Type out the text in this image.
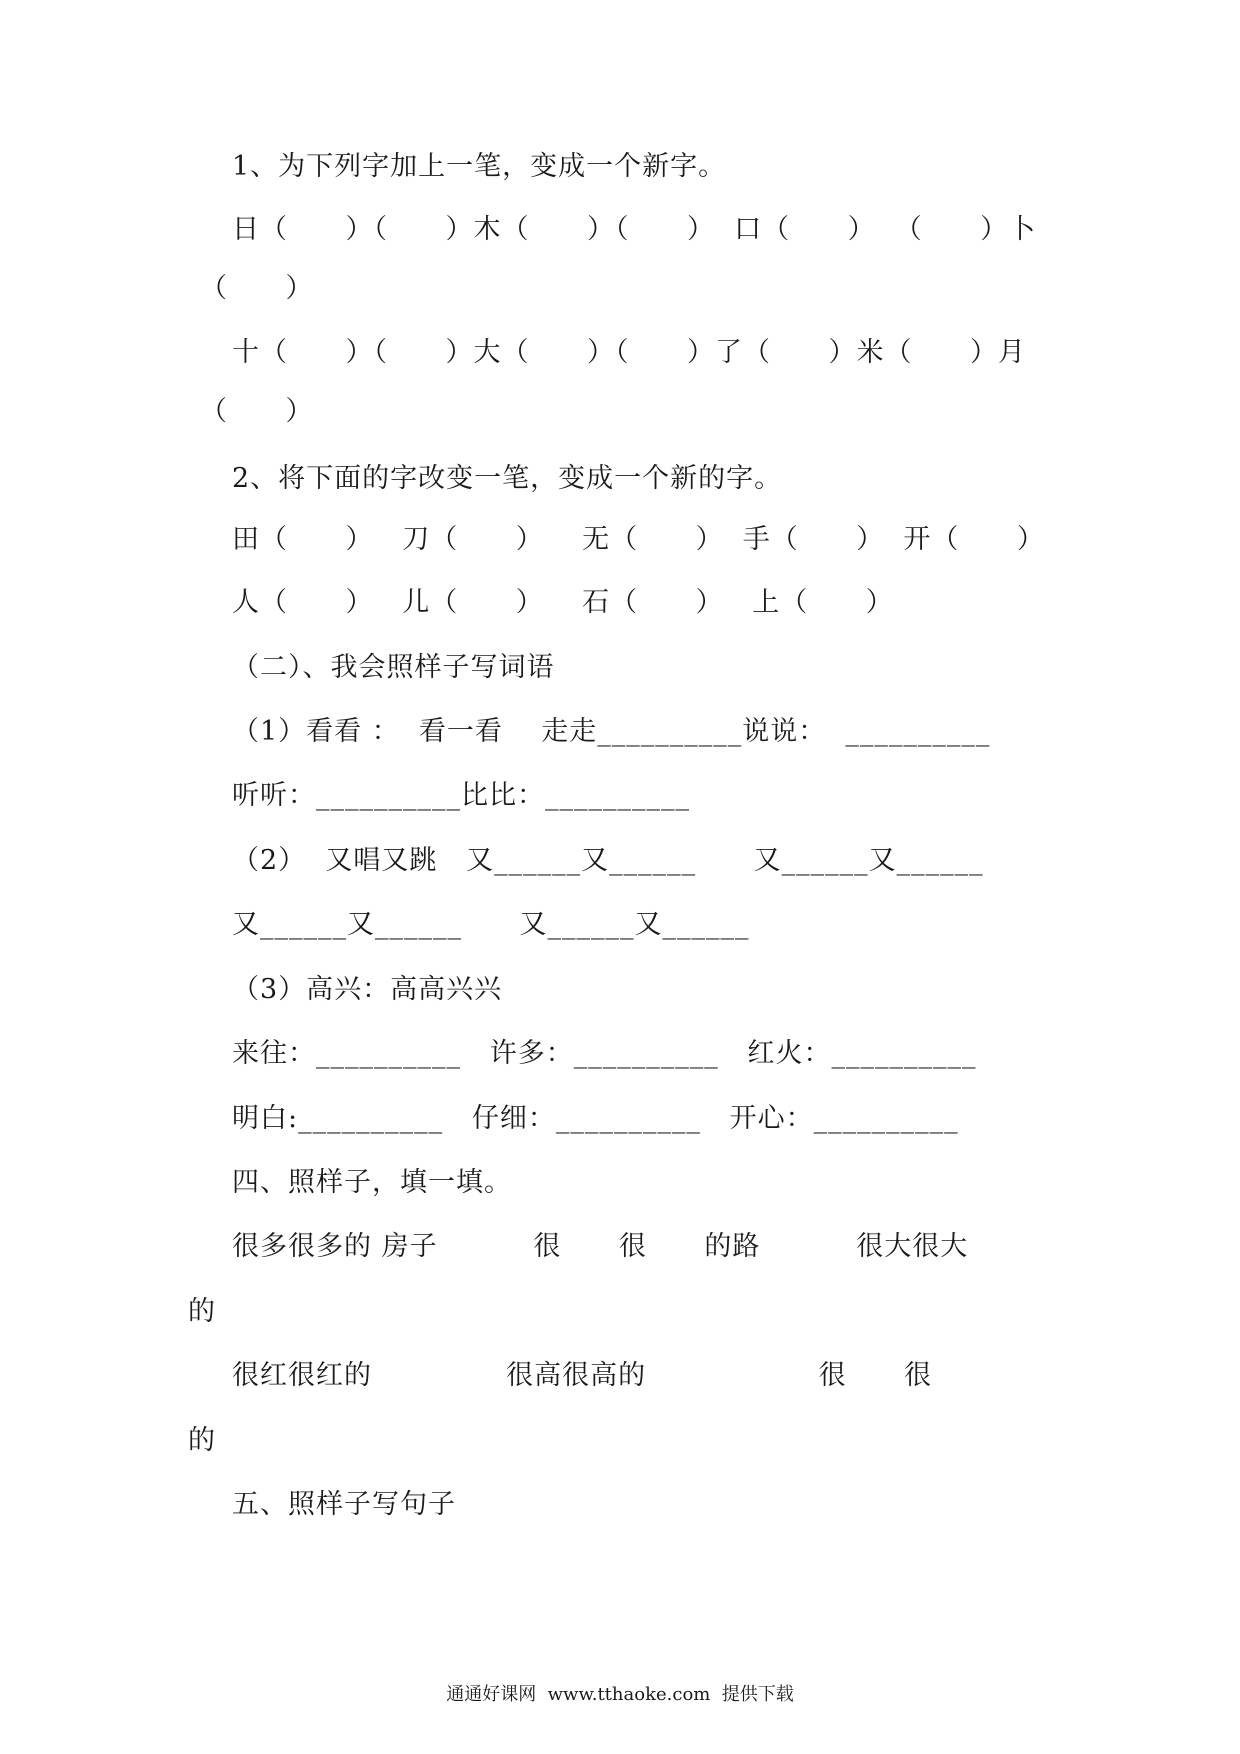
1、为下列字加上一笔，变成一个新字。
日（      ）（      ）木（      ）（      ）  口（      ）  （      ）卜
（      ）
十（      ）（      ）大（      ）（      ）了（      ）米（      ）月
（      ）
2、将下面的字改变一笔，变成一个新的字。
田（      ）   刀（      ）    无（      ）  手（      ）  开（      ）
人（      ）   儿（      ）    石（      ）   上（      ）
（二）、我会照样子写词语
（1）看看 ：  看一看    走走__________说说：  __________
听听：__________比比：__________
（2）  又唱又跳   又______又______      又______又______
又______又______      又______又______
（3）高兴：高高兴兴
来往：__________   许多：__________   红火：__________
明白:__________   仔细：__________   开心：__________
四、照样子，填一填。
很多很多的 房子          很      很      的路          很大很大
的
很红很红的              很高很高的                  很      很
的
五、照样子写句子
通通好课网  www.tthaoke.com  提供下载
